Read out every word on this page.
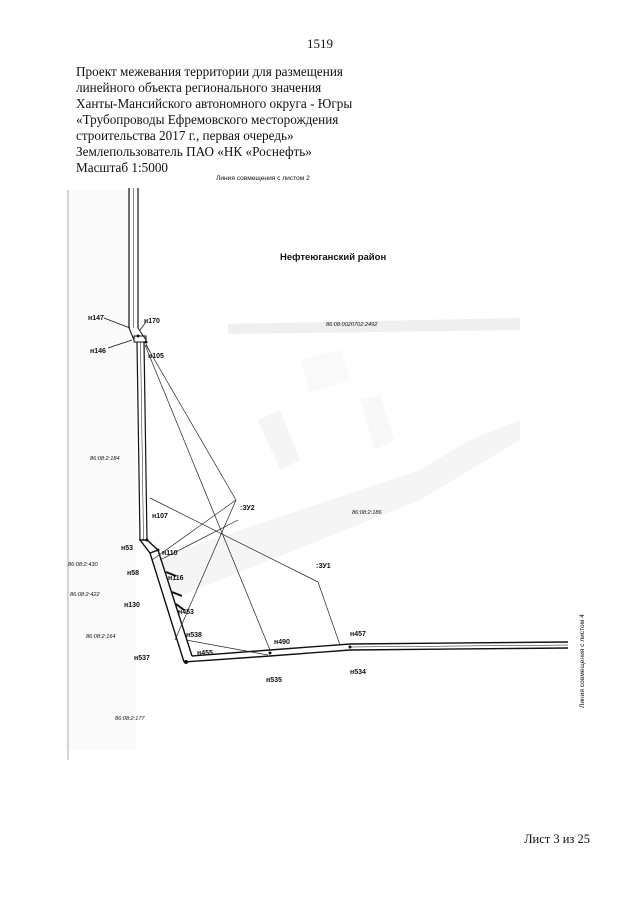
1519
Проект межевания территории для размещения
линейного объекта регионального значения
Ханты-Мансийского автономного округа - Югры
«Трубопроводы Ефремовского месторождения
строительства 2017 г., первая очередь»
Землепользователь ПАО «НК «Роснефть»
Масштаб 1:5000
Линия совмещения с листом 2
Нефтеюганский район
86:08:0020702:2492
86:08:2:184
86:08:2:186
86:08:2:430
86:08:2:422
86:08:2:164
86:08:2:177
:ЗУ2
:ЗУ1
н147	н170
н146
н105
н107
н53
н110
н58
н116
н130
н453
н538
н537
н455
н490
н457
н535
н534	Линия совмещения с листом 4
Лист 3 из 25
